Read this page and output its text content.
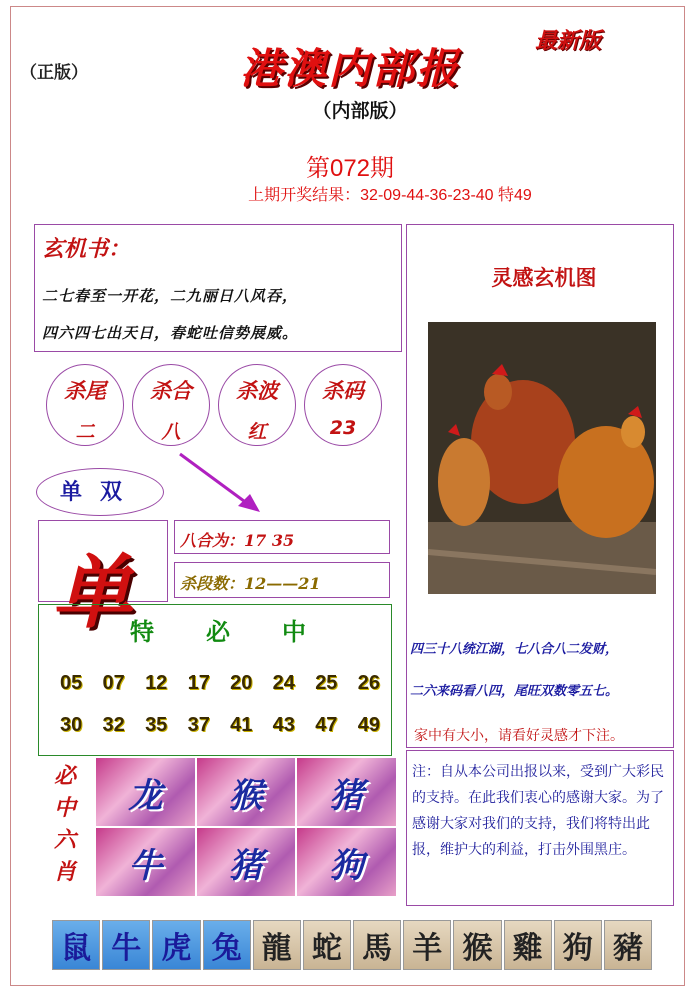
（正版）	港澳内部报
最新版
（内部版）
第072期
上期开奖结果：32-09-44-36-23-40 特49
玄机书：
二七春至一开花，二九丽日八风吞，
四六四七出天日，春蛇吐信势展威。
杀尾
二
杀合
八
杀波
红
杀码
23
单双
单
八合为：17 35
杀段数：12——21
特必中
05 07 12 17 20 24 25 26
30 32 35 37 41 43 47 49
必
中
六
肖
龙	猴	猪
牛	猪	狗
灵感玄机图
四三十八统江湖，七八合八二发财，
二六来码看八四，尾旺双数零五七。
家中有大小，请看好灵感才下注。
注：自从本公司出报以来，受到广大彩民的支持。在此我们衷心的感谢大家。为了感谢大家对我们的支持，我们将特出此报，维护大的利益，打击外围黑庄。
鼠 牛 虎 兔 龍 蛇 馬 羊 猴 雞 狗 豬
